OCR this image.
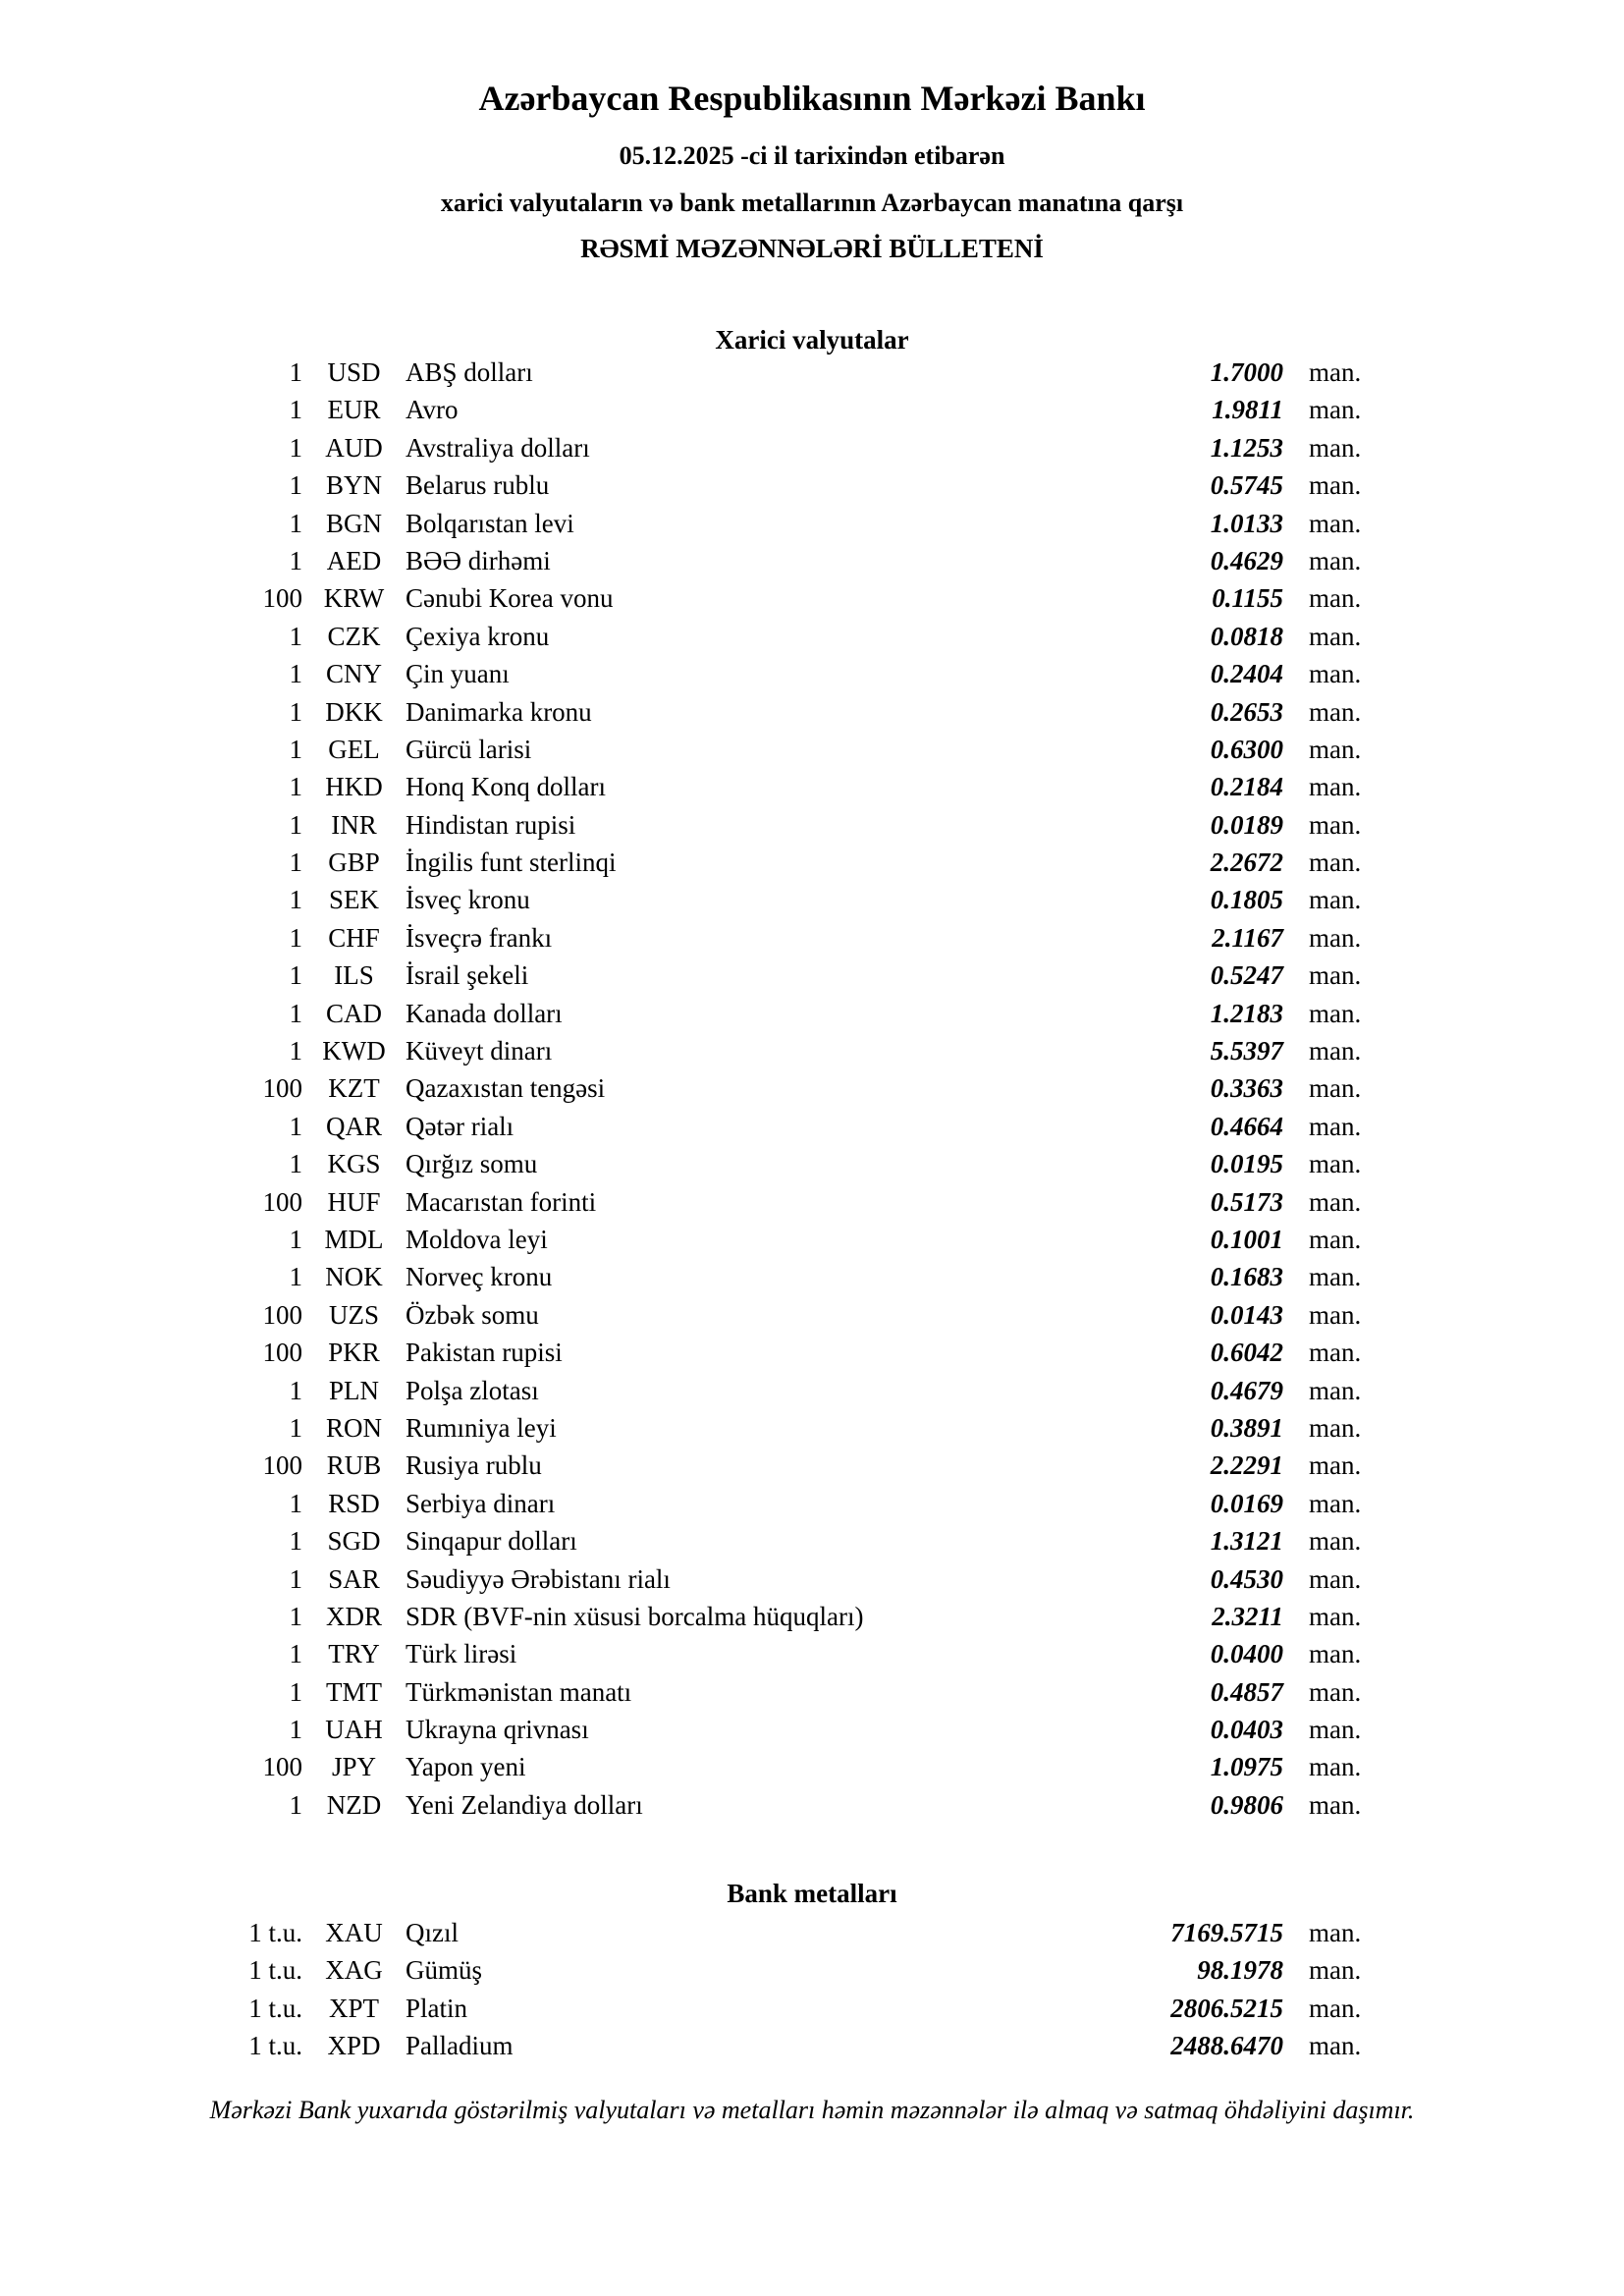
Azərbaycan Respublikasının Mərkəzi Bankı
05.12.2025 -ci il tarixindən etibarən
xarici valyutaların və bank metallarının Azərbaycan manatına qarşı
RƏSMİ MƏZƏNNƏLƏRİ BÜLLETENİ
Xarici valyutalar
1 USD ABŞ dolları	1.7000 man.
1 EUR Avro	1.9811 man.
1 AUD Avstraliya dolları	1.1253 man.
1 BYN Belarus rublu	0.5745 man.
1 BGN Bolqarıstan levi	1.0133 man.
1 AED BƏƏ dirhəmi	0.4629 man.
100 KRW Cənubi Korea vonu	0.1155 man.
1 CZK Çexiya kronu	0.0818 man.
1 CNY Çin yuanı	0.2404 man.
1 DKK Danimarka kronu	0.2653 man.
1 GEL Gürcü larisi	0.6300 man.
1 HKD Honq Konq dolları	0.2184 man.
1	INR	Hindistan rupisi	0.0189 man.
1 GBP İngilis funt sterlinqi	2.2672 man.
1 SEK	İsveç kronu	0.1805 man.
1 CHF İsveçrə frankı	2.1167 man.
1	ILS	İsrail şekeli	0.5247 man.
1 CAD Kanada dolları	1.2183 man.
1 KWD Küveyt dinarı	5.5397 man.
100 KZT Qazaxıstan tengəsi	0.3363 man.
1 QAR Qətər rialı	0.4664 man.
1 KGS Qırğız somu	0.0195 man.
100 HUF Macarıstan forinti	0.5173 man.
1 MDL Moldova leyi	0.1001 man.
1 NOK Norveç kronu	0.1683 man.
100 UZS	Özbək somu	0.0143 man.
100 PKR Pakistan rupisi	0.6042 man.
1 PLN	Polşa zlotası	0.4679 man.
1 RON Rumıniya leyi	0.3891 man.
100 RUB Rusiya rublu	2.2291 man.
1 RSD Serbiya dinarı	0.0169 man.
1 SGD Sinqapur dolları	1.3121 man.
1 SAR Səudiyyə Ərəbistanı rialı	0.4530 man.
1 XDR SDR (BVF-nin xüsusi borcalma hüquqları)	2.3211 man.
1 TRY Türk lirəsi	0.0400 man.
1 TMT Türkmənistan manatı	0.4857 man.
1 UAH Ukrayna qrivnası	0.0403 man.
100	JPY	Yapon yeni	1.0975 man.
1 NZD Yeni Zelandiya dolları	0.9806 man.
Bank metalları
1 t.u. XAU Qızıl	7169.5715 man.
1 t.u. XAG Gümüş	98.1978 man.
1 t.u. XPT	Platin	2806.5215 man.
1 t.u. XPD Palladium	2488.6470 man.
Mərkəzi Bank yuxarıda göstərilmiş valyutaları və metalları həmin məzənnələr ilə almaq və satmaq öhdəliyini daşımır.
